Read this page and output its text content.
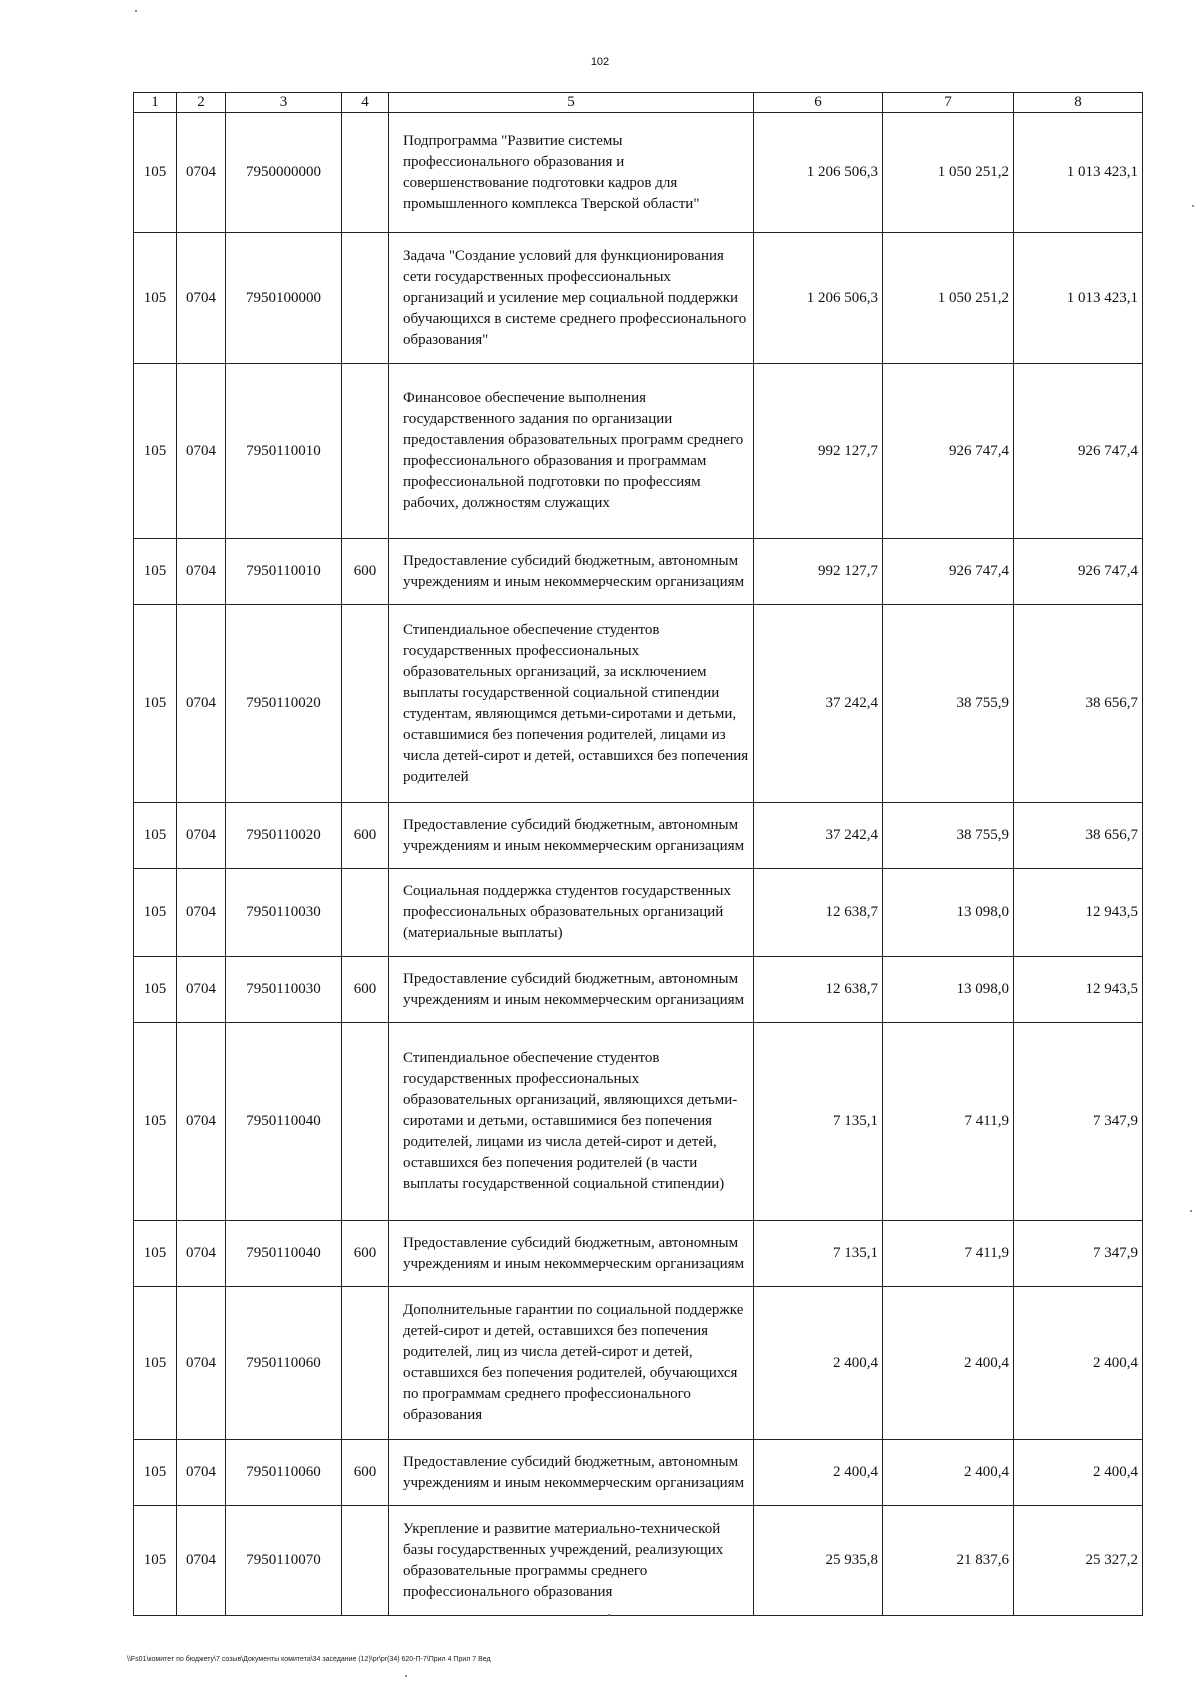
102
1	2	3	4	5	6	7	8
105	0704	7950000000		Подпрограмма "Развитие системы профессионального образования и совершенствование подготовки кадров для промышленного комплекса Тверской области"	1 206 506,3	1 050 251,2	1 013 423,1
105	0704	7950100000		Задача "Создание условий для функционирования сети государственных профессиональных организаций и усиление мер социальной поддержки обучающихся в системе среднего профессионального образования"	1 206 506,3	1 050 251,2	1 013 423,1
105	0704	7950110010		Финансовое обеспечение выполнения государственного задания по организации предоставления образовательных программ среднего профессионального образования и программам профессиональной подготовки по профессиям рабочих, должностям служащих	992 127,7	926 747,4	926 747,4
105	0704	7950110010	600	Предоставление субсидий бюджетным, автономным учреждениям и иным некоммерческим организациям	992 127,7	926 747,4	926 747,4
105	0704	7950110020		Стипендиальное обеспечение студентов государственных профессиональных образовательных организаций, за исключением выплаты государственной социальной стипендии студентам, являющимся детьми-сиротами и детьми, оставшимися без попечения родителей, лицами из числа детей-сирот и детей, оставшихся без попечения родителей	37 242,4	38 755,9	38 656,7
105	0704	7950110020	600	Предоставление субсидий бюджетным, автономным учреждениям и иным некоммерческим организациям	37 242,4	38 755,9	38 656,7
105	0704	7950110030		Социальная поддержка студентов государственных профессиональных образовательных организаций (материальные выплаты)	12 638,7	13 098,0	12 943,5
105	0704	7950110030	600	Предоставление субсидий бюджетным, автономным учреждениям и иным некоммерческим организациям	12 638,7	13 098,0	12 943,5
105	0704	7950110040		Стипендиальное обеспечение студентов государственных профессиональных образовательных организаций, являющихся детьми-сиротами и детьми, оставшимися без попечения родителей, лицами из числа детей-сирот и детей, оставшихся без попечения родителей (в части выплаты государственной социальной стипендии)	7 135,1	7 411,9	7 347,9
105	0704	7950110040	600	Предоставление субсидий бюджетным, автономным учреждениям и иным некоммерческим организациям	7 135,1	7 411,9	7 347,9
105	0704	7950110060		Дополнительные гарантии по социальной поддержке детей-сирот и детей, оставшихся без попечения родителей, лиц из числа детей-сирот и детей, оставшихся без попечения родителей, обучающихся по программам среднего профессионального образования	2 400,4	2 400,4	2 400,4
105	0704	7950110060	600	Предоставление субсидий бюджетным, автономным учреждениям и иным некоммерческим организациям	2 400,4	2 400,4	2 400,4
105	0704	7950110070		Укрепление и развитие материально-технической базы государственных учреждений, реализующих образовательные программы среднего профессионального образования	25 935,8	21 837,6	25 327,2
\\Fs01\комитет по бюджету\7 созыв\Документы комитета\34 заседание (12)\pr\pr(34) 620-П-7\Прил 4 Прил 7 Вед
